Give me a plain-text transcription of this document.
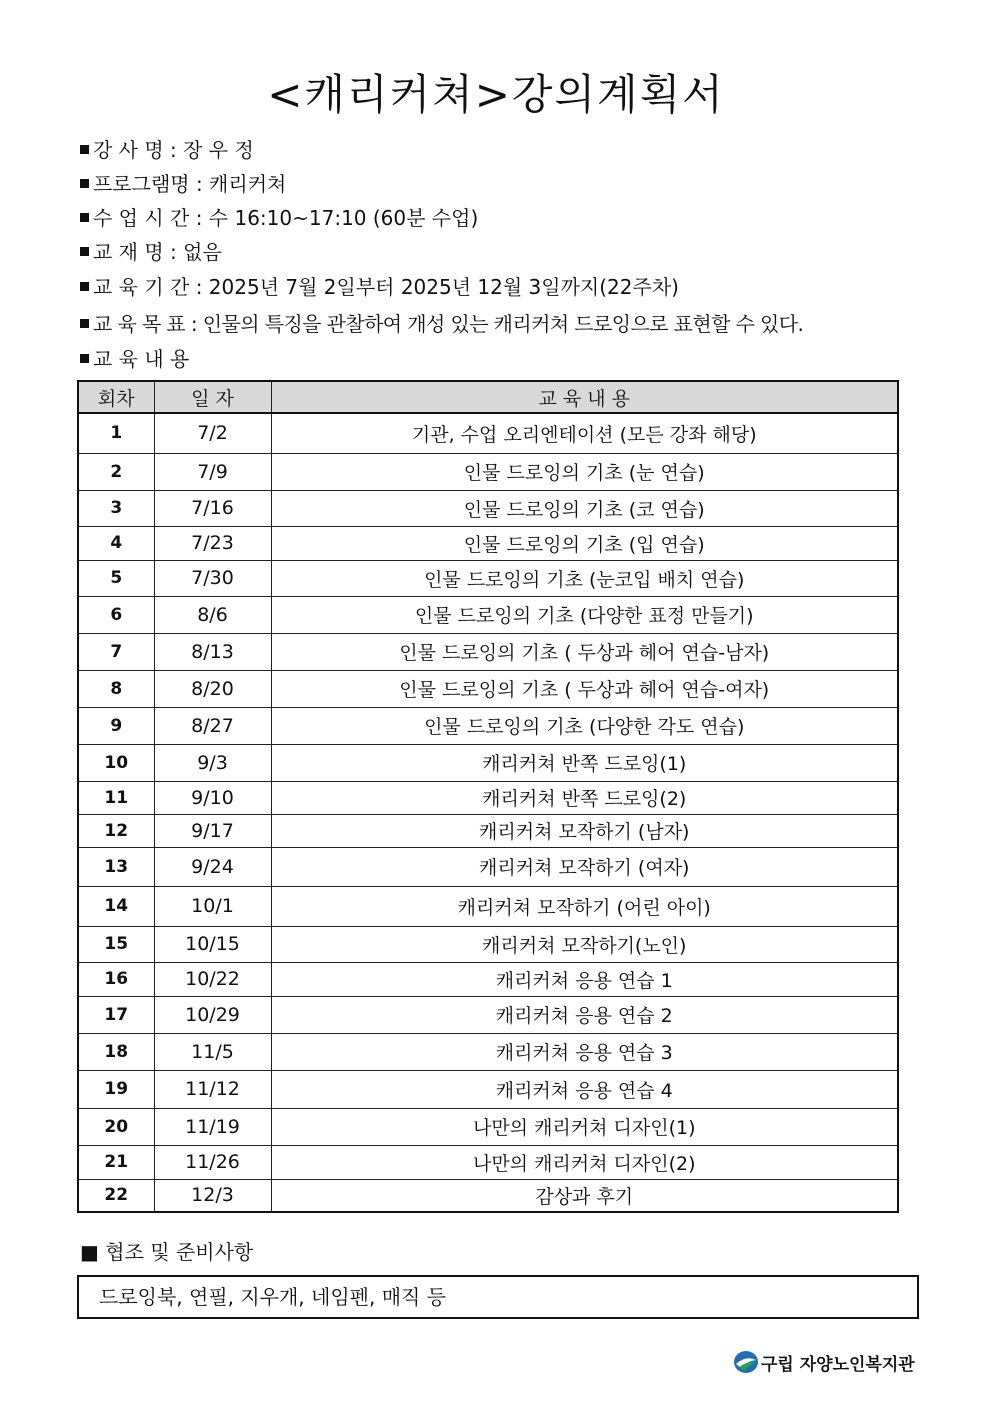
<캐리커쳐>강의계획서
강 사 명 : 장 우 정
프로그램명 : 캐리커쳐
수 업 시 간 : 수 16:10~17:10 (60분 수업)
교 재 명 : 없음
교 육 기 간 : 2025년 7월 2일부터 2025년 12월 3일까지(22주차)
교 육 목 표 : 인물의 특징을 관찰하여 개성 있는 캐리커쳐 드로잉으로 표현할 수 있다.
교 육 내 용
회차	일 자	교 육 내 용
1	7/2	기관, 수업 오리엔테이션 (모든 강좌 해당)
2	7/9	인물 드로잉의 기초 (눈 연습)
3	7/16	인물 드로잉의 기초 (코 연습)
4	7/23	인물 드로잉의 기초 (입 연습)
5	7/30	인물 드로잉의 기초 (눈코입 배치 연습)
6	8/6	인물 드로잉의 기초 (다양한 표정 만들기)
7	8/13	인물 드로잉의 기초 ( 두상과 헤어 연습-남자)
8	8/20	인물 드로잉의 기초 ( 두상과 헤어 연습-여자)
9	8/27	인물 드로잉의 기초 (다양한 각도 연습)
10	9/3	캐리커쳐 반쪽 드로잉(1)
11	9/10	캐리커쳐 반쪽 드로잉(2)
12	9/17	캐리커쳐 모작하기 (남자)
13	9/24	캐리커쳐 모작하기 (여자)
14	10/1	캐리커쳐 모작하기 (어린 아이)
15	10/15	캐리커쳐 모작하기(노인)
16	10/22	캐리커쳐 응용 연습 1
17	10/29	캐리커쳐 응용 연습 2
18	11/5	캐리커쳐 응용 연습 3
19	11/12	캐리커쳐 응용 연습 4
20	11/19	나만의 캐리커쳐 디자인(1)
21	11/26	나만의 캐리커쳐 디자인(2)
22	12/3	감상과 후기
■ 협조 및 준비사항
드로잉북, 연필, 지우개, 네임펜, 매직 등
구립 자양노인복지관
